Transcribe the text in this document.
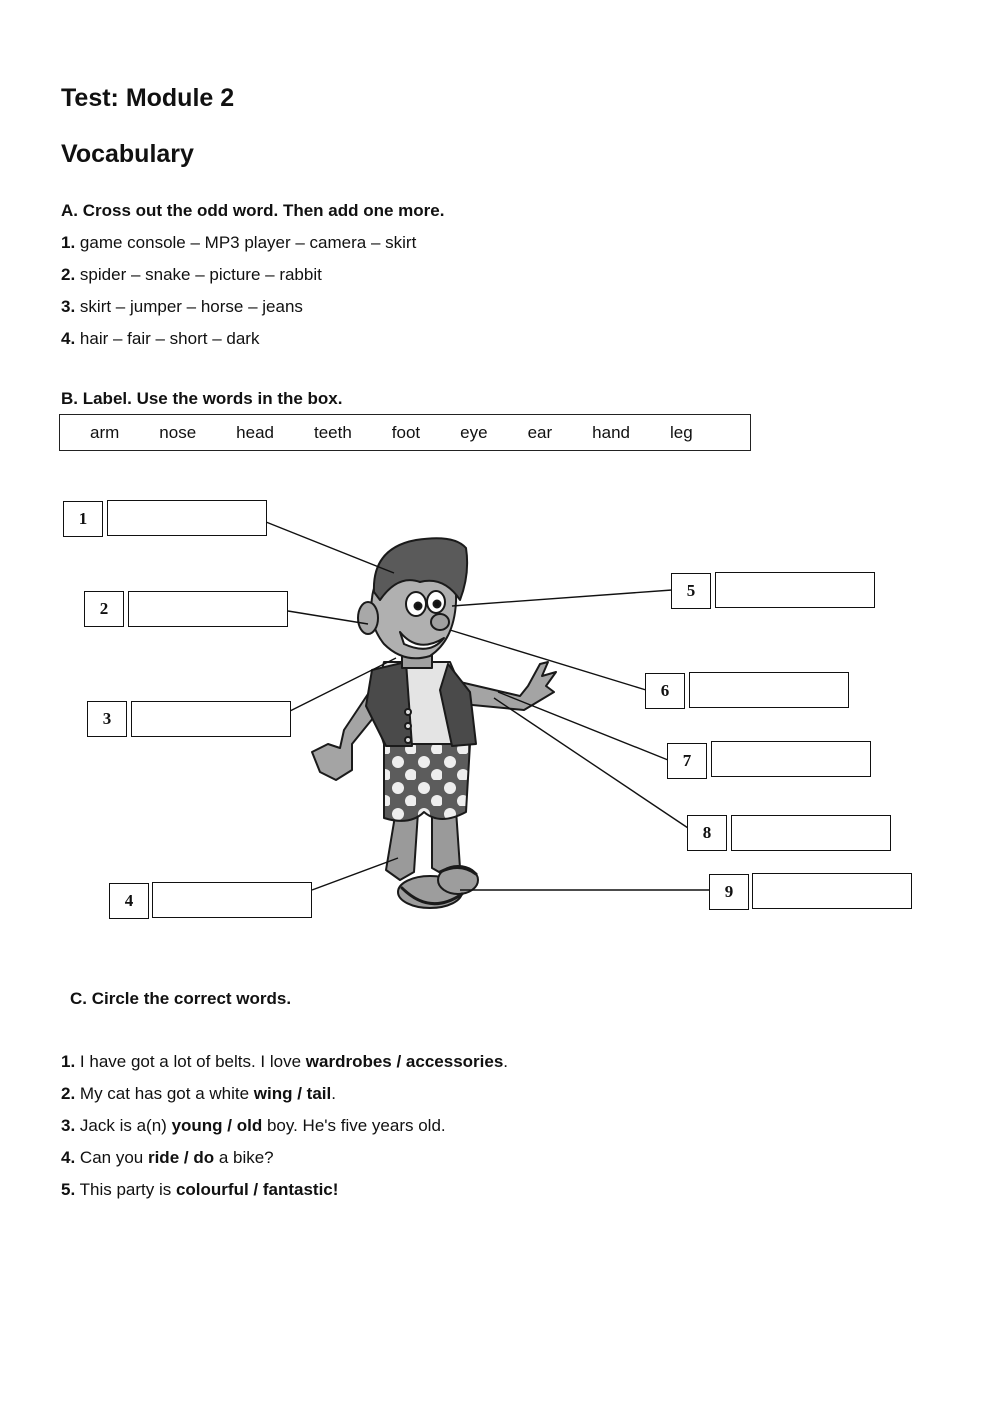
Test: Module 2
Vocabulary
A. Cross out the odd word. Then add one more.
1. game console – MP3 player – camera – skirt
2. spider – snake – picture – rabbit
3. skirt – jumper – horse – jeans
4. hair – fair – short – dark
B. Label. Use the words in the box.
arm nose head teeth foot eye ear hand leg
1
2
3
4
5
6
7
8
9
C. Circle the correct words.
1. I have got a lot of belts. I love wardrobes / accessories.
2. My cat has got a white wing / tail.
3. Jack is a(n) young / old boy. He's five years old.
4. Can you ride / do a bike?
5. This party is colourful / fantastic!
